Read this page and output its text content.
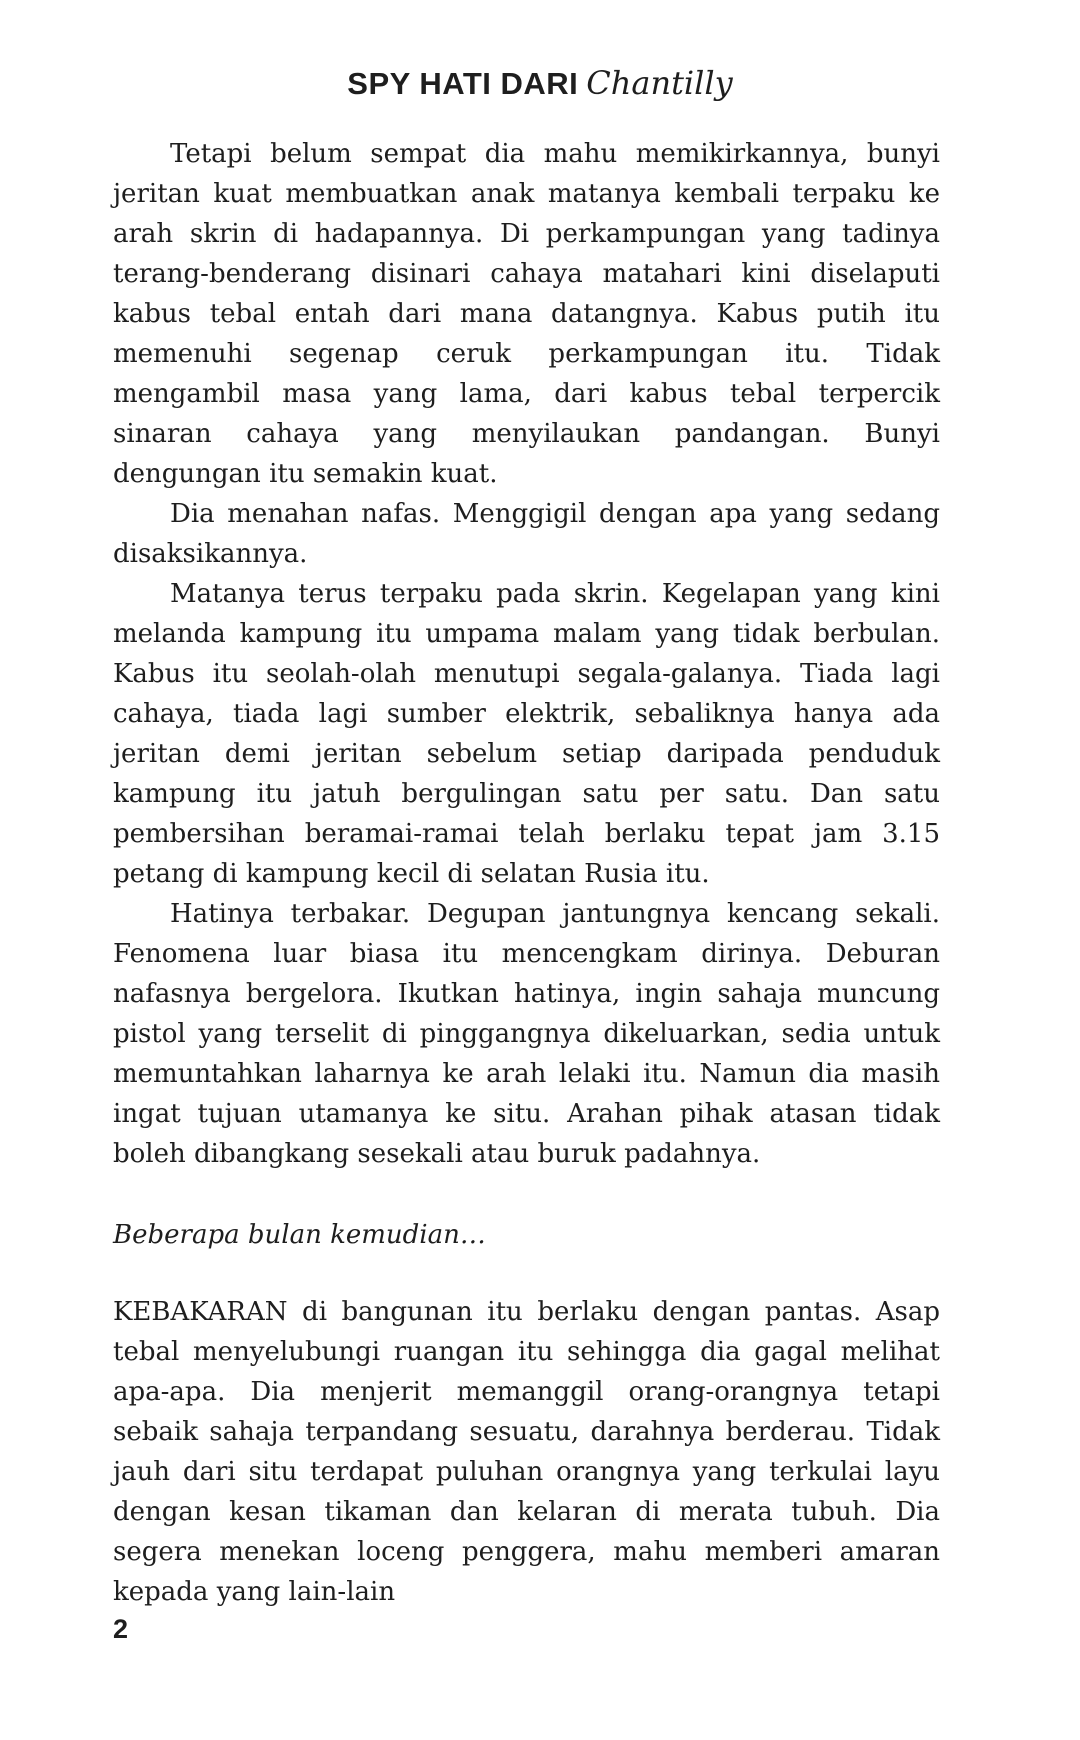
SPY HATI DARI Chantilly

Tetapi belum sempat dia mahu memikirkannya, bunyi jeritan kuat membuatkan anak matanya kembali terpaku ke arah skrin di hadapannya. Di perkampungan yang tadinya terang-benderang disinari cahaya matahari kini diselaputi kabus tebal entah dari mana datangnya. Kabus putih itu memenuhi segenap ceruk perkampungan itu. Tidak mengambil masa yang lama, dari kabus tebal terpercik sinaran cahaya yang menyilaukan pandangan. Bunyi dengungan itu semakin kuat.

Dia menahan nafas. Menggigil dengan apa yang sedang disaksikannya.

Matanya terus terpaku pada skrin. Kegelapan yang kini melanda kampung itu umpama malam yang tidak berbulan. Kabus itu seolah-olah menutupi segala-galanya. Tiada lagi cahaya, tiada lagi sumber elektrik, sebaliknya hanya ada jeritan demi jeritan sebelum setiap daripada penduduk kampung itu jatuh bergulingan satu per satu. Dan satu pembersihan beramai-ramai telah berlaku tepat jam 3.15 petang di kampung kecil di selatan Rusia itu.

Hatinya terbakar. Degupan jantungnya kencang sekali. Fenomena luar biasa itu mencengkam dirinya. Deburan nafasnya bergelora. Ikutkan hatinya, ingin sahaja muncung pistol yang terselit di pinggangnya dikeluarkan, sedia untuk memuntahkan laharnya ke arah lelaki itu. Namun dia masih ingat tujuan utamanya ke situ. Arahan pihak atasan tidak boleh dibangkang sesekali atau buruk padahnya.

Beberapa bulan kemudian…

KEBAKARAN di bangunan itu berlaku dengan pantas. Asap tebal menyelubungi ruangan itu sehingga dia gagal melihat apa-apa. Dia menjerit memanggil orang-orangnya tetapi sebaik sahaja terpandang sesuatu, darahnya berderau. Tidak jauh dari situ terdapat puluhan orangnya yang terkulai layu dengan kesan tikaman dan kelaran di merata tubuh. Dia segera menekan loceng penggera, mahu memberi amaran kepada yang lain-lain

2
